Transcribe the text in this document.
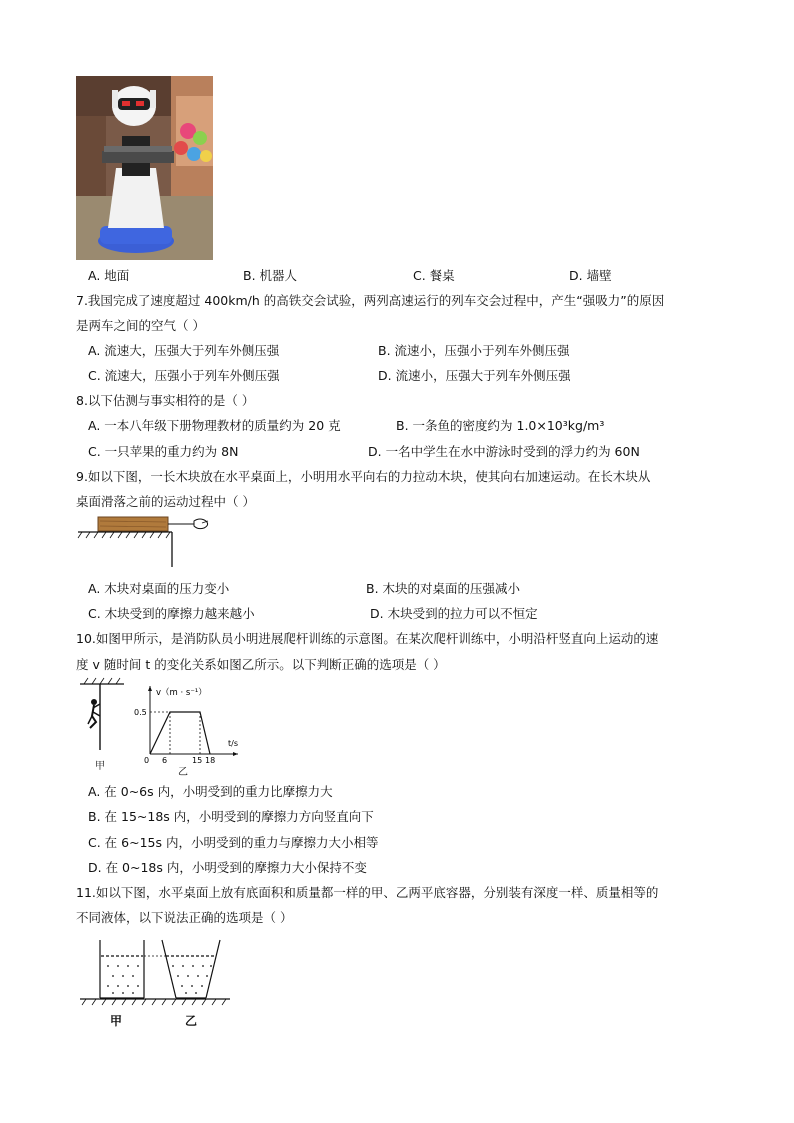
A. 地面	B. 机器人	C. 餐桌	D. 墙壁
7.我国完成了速度超过 400km/h 的高铁交会试验，两列高速运行的列车交会过程中，产生“强吸力”的原因
是两车之间的空气（ ）
A. 流速大，压强大于列车外侧压强	B. 流速小，压强小于列车外侧压强
C. 流速大，压强小于列车外侧压强	D. 流速小，压强大于列车外侧压强
8.以下估测与事实相符的是（ ）
A. 一本八年级下册物理教材的质量约为 20 克	B. 一条鱼的密度约为 1.0×10³kg/m³
C. 一只苹果的重力约为 8N	D. 一名中学生在水中游泳时受到的浮力约为 60N
9.如以下图，一长木块放在水平桌面上，小明用水平向右的力拉动木块，使其向右加速运动。在长木块从
桌面滑落之前的运动过程中（ ）
A. 木块对桌面的压力变小	B. 木块的对桌面的压强减小
C. 木块受到的摩擦力越来越小	D. 木块受到的拉力可以不恒定
10.如图甲所示，是消防队员小明进展爬杆训练的示意图。在某次爬杆训练中，小明沿杆竖直向上运动的速
度 v 随时间 t 的变化关系如图乙所示。以下判断正确的选项是（ ）
甲
v（m · s⁻¹）
t/s
0.5
0 6	15 18
乙
A. 在 0~6s 内，小明受到的重力比摩擦力大
B. 在 15~18s 内，小明受到的摩擦力方向竖直向下
C. 在 6~15s 内，小明受到的重力与摩擦力大小相等
D. 在 0~18s 内，小明受到的摩擦力大小保持不变
11.如以下图，水平桌面上放有底面积和质量都一样的甲、乙两平底容器，分别装有深度一样、质量相等的
不同液体，以下说法正确的选项是（ ）
甲	乙
